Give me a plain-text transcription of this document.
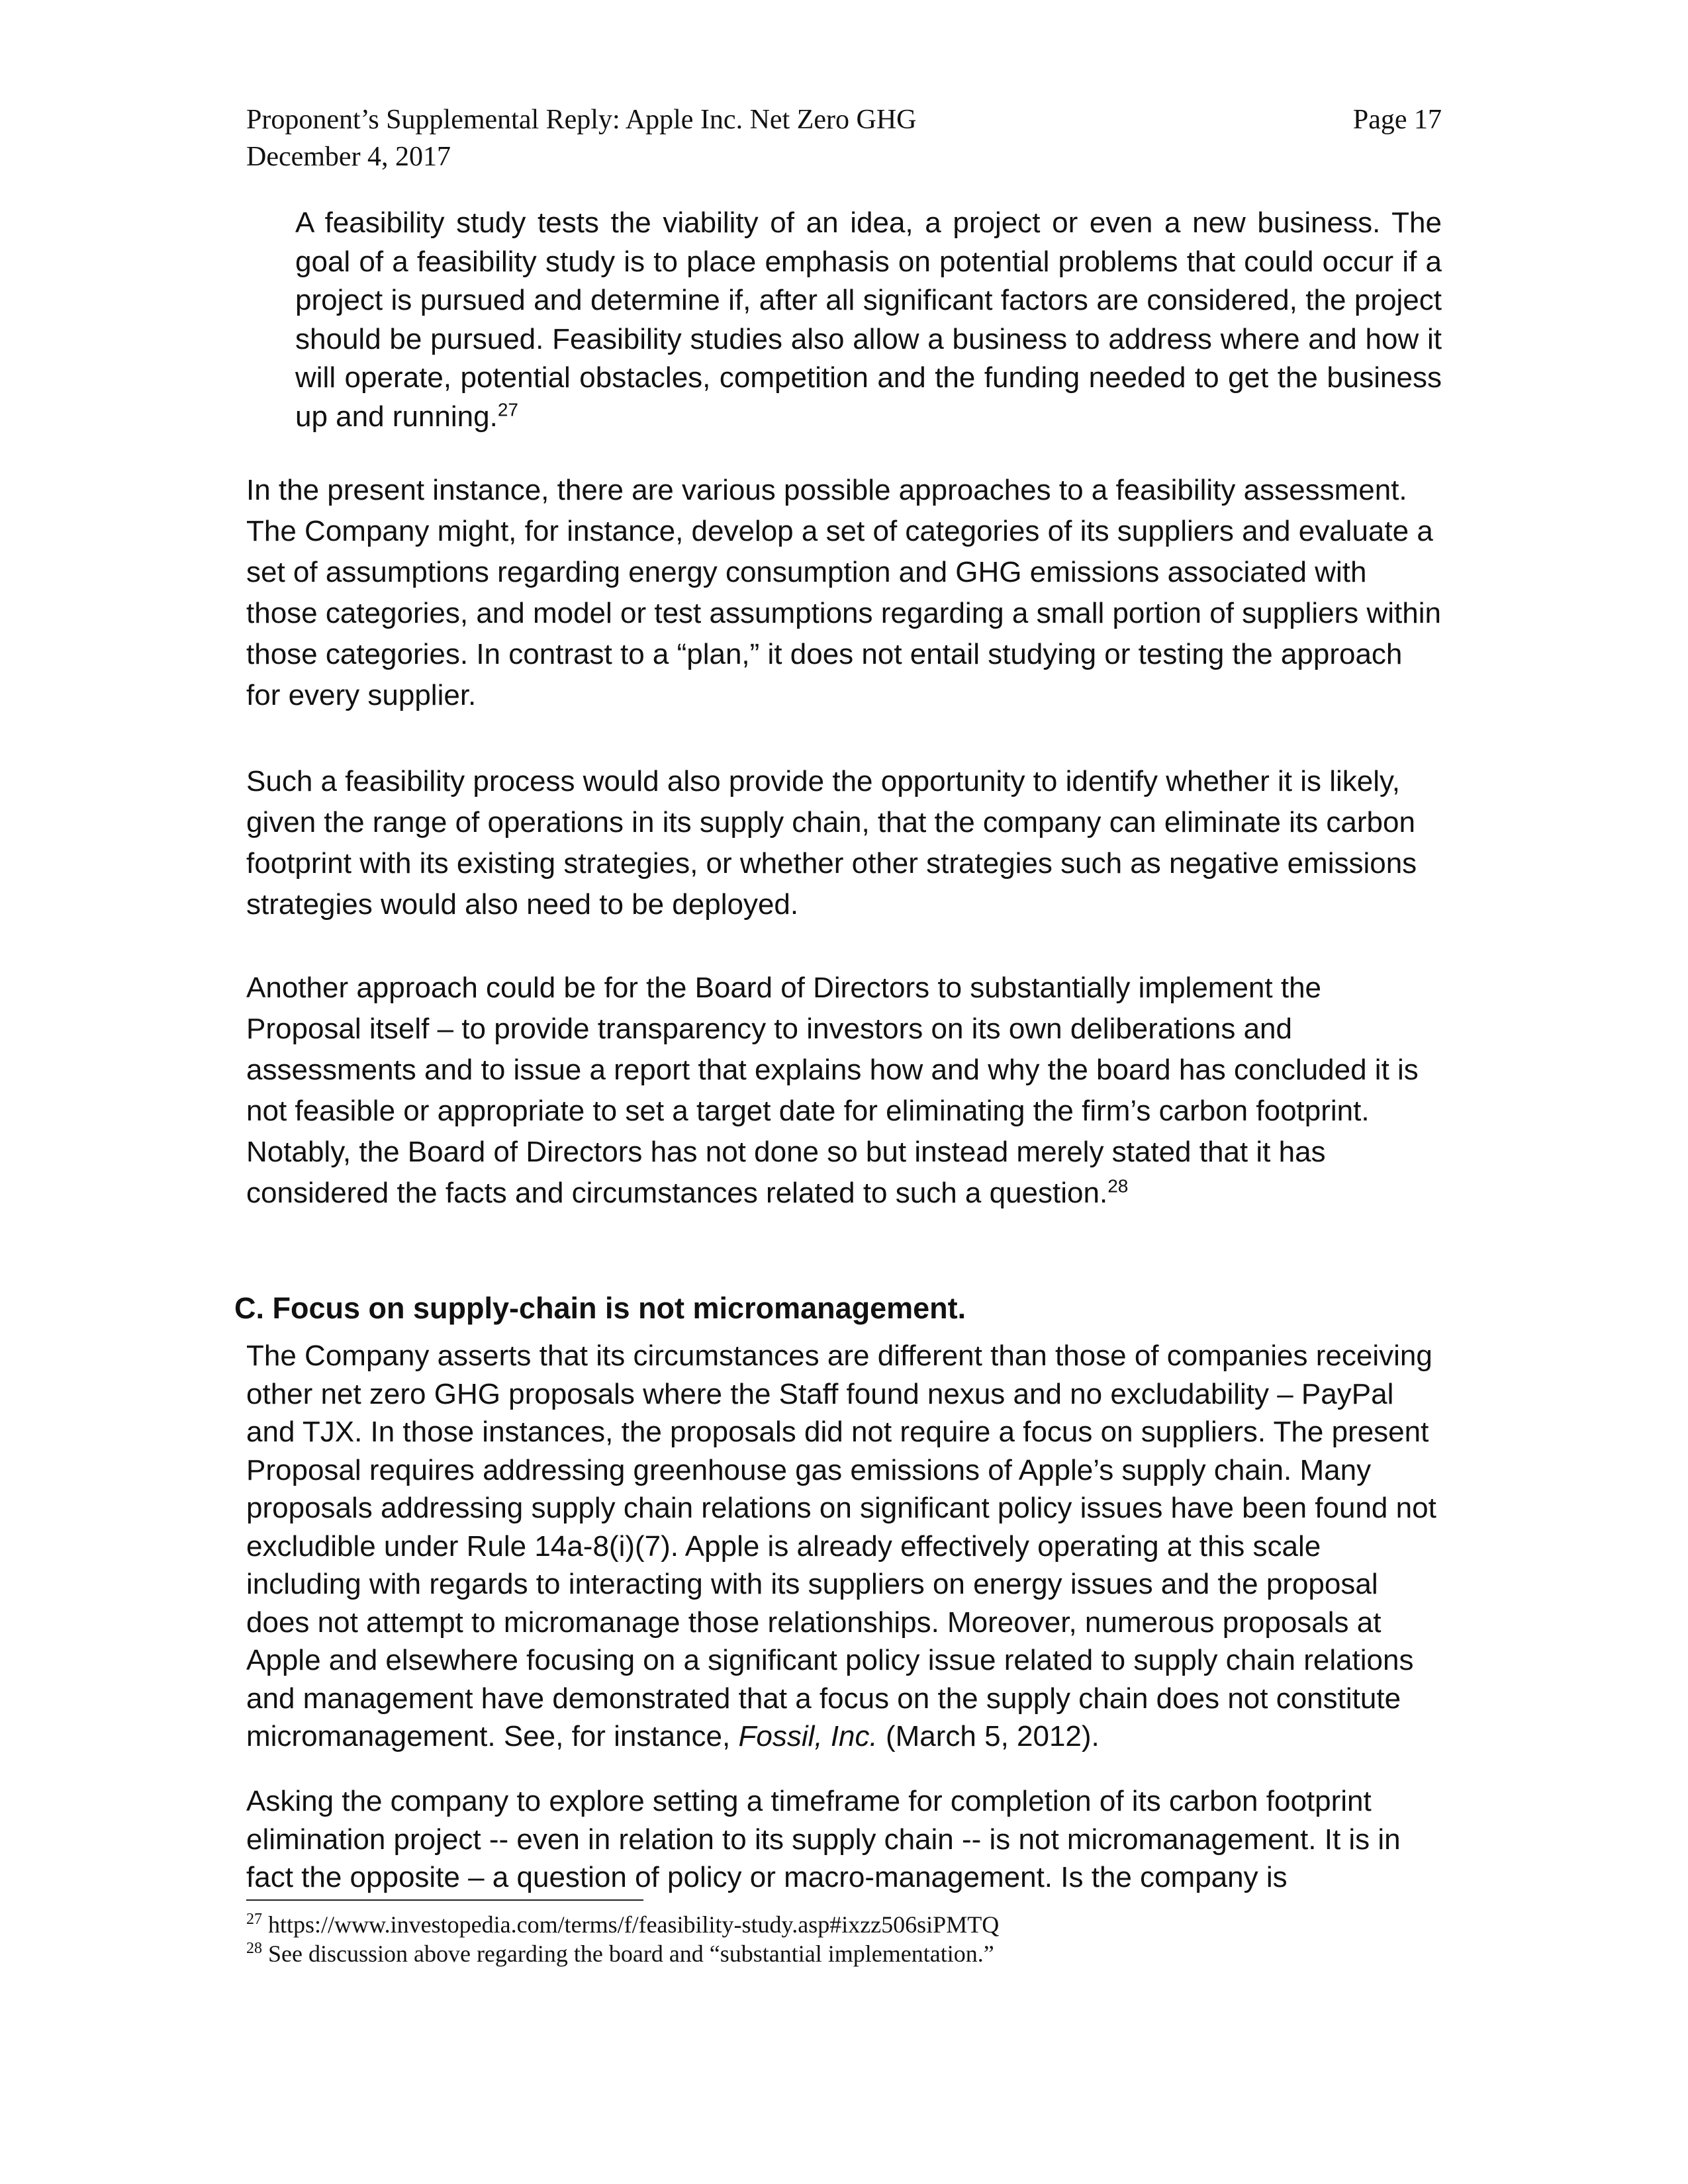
Proponent’s Supplemental Reply: Apple Inc. Net Zero GHG
December 4, 2017
Page 17

A feasibility study tests the viability of an idea, a project or even a new business. The goal of a feasibility study is to place emphasis on potential problems that could occur if a project is pursued and determine if, after all significant factors are considered, the project should be pursued. Feasibility studies also allow a business to address where and how it will operate, potential obstacles, competition and the funding needed to get the business up and running.$^{27}$

In the present instance, there are various possible approaches to a feasibility assessment. The Company might, for instance, develop a set of categories of its suppliers and evaluate a set of assumptions regarding energy consumption and GHG emissions associated with those categories, and model or test assumptions regarding a small portion of suppliers within those categories. In contrast to a “plan,” it does not entail studying or testing the approach for every supplier.

Such a feasibility process would also provide the opportunity to identify whether it is likely, given the range of operations in its supply chain, that the company can eliminate its carbon footprint with its existing strategies, or whether other strategies such as negative emissions strategies would also need to be deployed.

Another approach could be for the Board of Directors to substantially implement the Proposal itself – to provide transparency to investors on its own deliberations and assessments and to issue a report that explains how and why the board has concluded it is not feasible or appropriate to set a target date for eliminating the firm’s carbon footprint. Notably, the Board of Directors has not done so but instead merely stated that it has considered the facts and circumstances related to such a question.$^{28}$

C. Focus on supply-chain is not micromanagement.

The Company asserts that its circumstances are different than those of companies receiving other net zero GHG proposals where the Staff found nexus and no excludability – PayPal and TJX. In those instances, the proposals did not require a focus on suppliers. The present Proposal requires addressing greenhouse gas emissions of Apple’s supply chain. Many proposals addressing supply chain relations on significant policy issues have been found not excludible under Rule 14a-8(i)(7). Apple is already effectively operating at this scale including with regards to interacting with its suppliers on energy issues and the proposal does not attempt to micromanage those relationships. Moreover, numerous proposals at Apple and elsewhere focusing on a significant policy issue related to supply chain relations and management have demonstrated that a focus on the supply chain does not constitute micromanagement. See, for instance, Fossil, Inc. (March 5, 2012).

Asking the company to explore setting a timeframe for completion of its carbon footprint elimination project -- even in relation to its supply chain -- is not micromanagement. It is in fact the opposite – a question of policy or macro-management. Is the company is

$^{27}$ https://www.investopedia.com/terms/f/feasibility-study.asp#ixzz506siPMTQ
$^{28}$ See discussion above regarding the board and “substantial implementation.”
